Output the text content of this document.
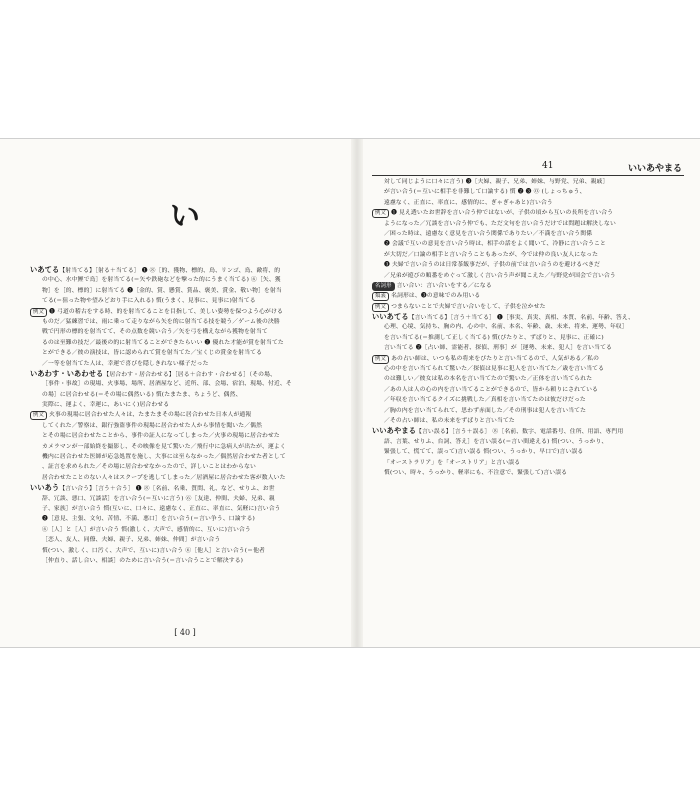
い
いあてる【射当てる】［射る＋当てる］ ❶ ⑧［的、獲物、標的、鳥、リンゴ、鳥、敵将、的
の中心、水中鯉で鳥］を射当てる(＝矢や鉄砲などを撃った的にうまく当てる) ⑥［矢、獲
物］を［的、標的］に射当てる ❷［金的、賞、懸賞、賞品、褒美、賞金、敬い物］を射当
てる(＝狙った物や望みどおり手に入れる) 慣(うまく、見事に、見事に)射当てる
例文 ❶ 弓道の稽古をする時、的を射当てることを目指して、美しい姿勢を保つよう心がける
ものだ／猛練習では、雨に乗って走りながら矢を的に射当てる技を競う／ゲーム後の決勝
戦で円形の標的を射当てて、その点数を競い合う／矢を弓を構えながら獲物を射当て
るのは至難の技だ／最後の的に射当てることができたらいい ❷ 優れた才能が賞を射当てた
とができる／彼の演技は、皆に認められて賞を射当てた／宝くじの賞金を射当てる
／一等を射当てた人は、幸運で喜びを隠しきれない様子だった
いあわす・いあわせる【居合わす・居合わせる】［居る＋合わす・合わせる］（その場、
［事件・事故］の現場、火事場、場所、居酒屋など、近所、部、会場、宿泊、現場、付近、そ
の場］に居合わせる(＝その場に偶然いる) 慣(たまたま、ちょうど、偶然、
実際に、運よく、幸運に、あいにく)居合わせる
例文 火事の現場に居合わせた人々は、たまたまその場に居合わせた日本人が通報
してくれた／警察は、銀行強盗事件の現場に居合わせた人から事情を聞いた／偶然
とその場に居合わせたことから、事件の証人になってしまった／火事の現場に居合わせた
カメラマンが一部始終を撮影し、その映像を見て驚いた／飛行中に急病人が出たが、運よく
機内に居合わせた医師が応急処置を施し、大事には至らなかった／偶然居合わせた者として
、証言を求められた／その場に居合わせなかったので、詳しいことはわからない
居合わせたことのない人々はスクープを逃してしまった／居酒屋に居合わせた客が数人いた
いいあう【言い合う】［言う＋合う］ ❶ ⑧［名前、名乗、質問、礼、など、せりふ、お世
辞、冗談、悪口、冗談話］を言い合う(＝互いに言う) ⑥［友達、仲間、夫婦、兄弟、親
子、家族］が言い合う 慣(互いに、口々に、遠慮なく、正直に、率直に、気軽に)言い合う
❷［意見、主張、文句、苦情、不満、悪口］を言い合う(＝言い争う、口論する)
⑥［人］と［人］が言い合う 慣(激しく、大声で、感情的に、互いに)言い合う
［恋人、友人、同僚、夫婦、親子、兄弟、姉妹、仲間］が言い合う
慣(つい、激しく、口汚く、大声で、互いに)言い合う ⑥［他人］と言い合う(＝他者
［仲直り、話し合い、相談］のために言い合う(＝言い合うことで解決する)
[ 40 ]
41	いいあやまる
対して同じように口々に言う) ❸［夫婦、親子、兄弟、姉妹、与野党、兄弟、親戚］
が言い合う(＝互いに相手を非難して口論する) 慣 ❷ ❸ ⓪ (しょっちゅう、
遠慮なく、正直に、率直に、感情的に、ぎゃぎゃあと)言い合う
例文 ❶ 見え透いたお世辞を言い合う仲ではないが、子供の頃から互いの長所を言い合う
ようになった／冗談を言い合う仲でも、ただ文句を言い合うだけでは問題は解決しない
／困った時は、遠慮なく意見を言い合う関係でありたい／不満を言い合う関係
❷ 会議で互いの意見を言い合う時は、相手の話をよく聞いて、冷静に言い合うこと
が大切だ／口論の相手と言い合うこともあったが、今では仲の良い友人になった
❸ 夫婦で言い合うのは日常茶飯事だが、子供の前では言い合うのを避けるべきだ
／兄弟が遊びの順番をめぐって激しく言い合う声が聞こえた／与野党が国会で言い合う
名詞形 言い合い：言い合いをする／になる
類義 名詞形は、❸の意味でのみ用いる
例文 つまらないことで夫婦で言い合いをして、子供を泣かせた
いいあてる【言い当てる】［言う＋当てる］ ❶［事実、真実、真相、本質、名前、年齢、答え、
心理、心境、気持ち、胸の内、心の中、名前、本名、年齢、歳、未来、将来、運勢、年収］
を言い当てる(＝推測して正しく当てる) 慣(ぴたりと、ずばりと、見事に、正確に)
言い当てる ❷［占い師、霊能者、探偵、刑事］が［運勢、未来、犯人］を言い当てる
例文 あの占い師は、いつも私の将来をぴたりと言い当てるので、人気がある／私の
心の中を言い当てられて驚いた／探偵は見事に犯人を言い当てた／歳を言い当てる
のは難しい／彼女は私の本名を言い当てたので驚いた／正体を言い当てられた
／あの人は人の心の内を言い当てることができるので、皆から頼りにされている
／年収を言い当てるクイズに挑戦した／真相を言い当てたのは彼だけだった
／胸の内を言い当てられて、思わず赤面した／その刑事は犯人を言い当てた
／その占い師は、私の未来をずばりと言い当てた
いいあやまる【言い誤る】［言う＋誤る］ ⑧［名前、数字、電話番号、住所、用語、専門用
語、言葉、せりふ、台詞、答え］を言い誤る(＝言い間違える) 慣(つい、うっかり、
緊張して、慌てて、誤って)言い誤る 慣(つい、うっかり、早口で)言い誤る
「オーストラリア」を「オーストリア」と言い誤る
慣(つい、時々、うっかり、軽率にも、不注意で、緊張して)言い誤る
